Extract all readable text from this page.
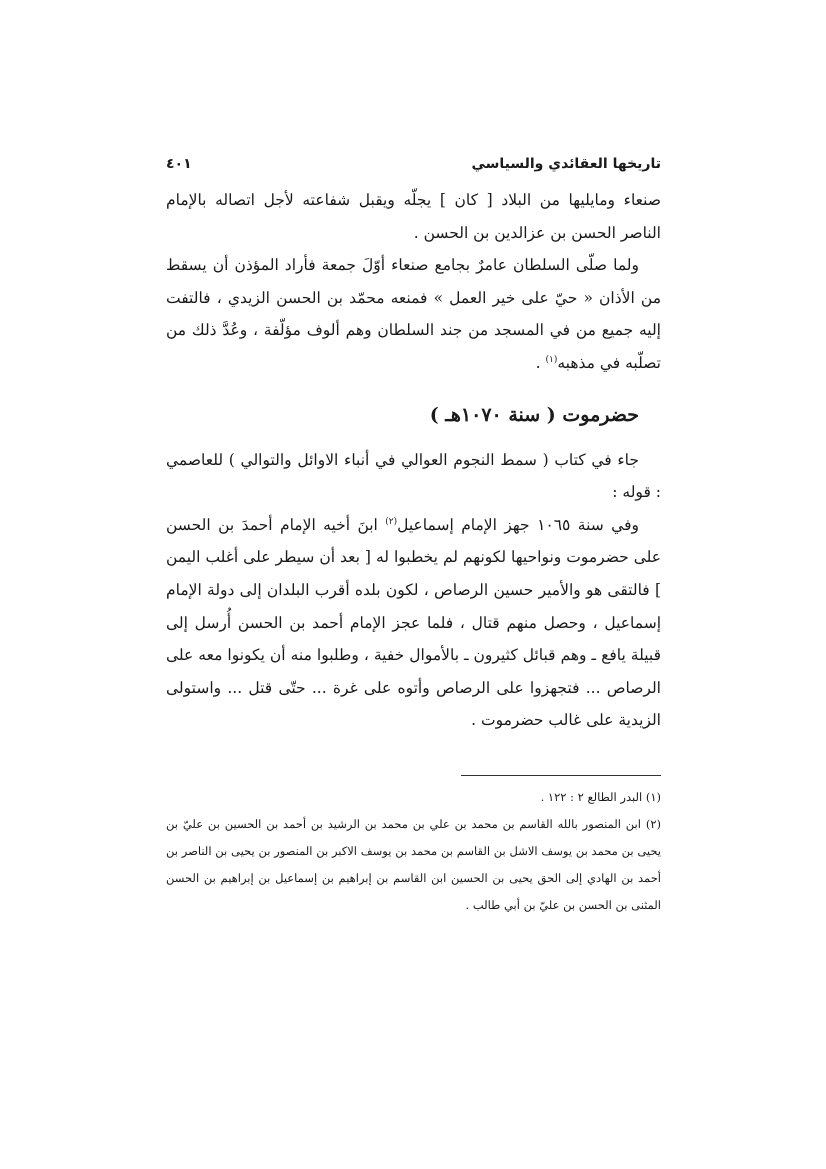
تاريخها العقائدي والسياسي
٤٠١

صنعاء ومايليها من البلاد [ كان ] يجلّه ويقبل شفاعته لأجل اتصاله بالإمام الناصر الحسن بن عزالدين بن الحسن .

ولما صلّى السلطان عامرٌ بجامع صنعاء أوّلَ جمعة فأراد المؤذن أن يسقط من الأذان « حيّ على خير العمل » فمنعه محمّد بن الحسن الزيدي ، فالتفت إليه جميع من في المسجد من جند السلطان وهم ألوف مؤلّفة ، وعُدَّ ذلك من تصلّبه في مذهبه$^{(١)}$ .

حضرموت ( سنة ١٠٧٠هـ )

جاء في كتاب ( سمط النجوم العوالي في أنباء الاوائل والتوالي ) للعاصمي : قوله :

وفي سنة ١٠٦٥ جهز الإمام إسماعيل$^{(٢)}$ ابنَ أخيه الإمام أحمدَ بن الحسن على حضرموت ونواحيها لكونهم لم يخطبوا له [ بعد أن سيطر على أغلب اليمن ] فالتقى هو والأمير حسين الرصاص ، لكون بلده أقرب البلدان إلى دولة الإمام إسماعيل ، وحصل منهم قتال ، فلما عجز الإمام أحمد بن الحسن أُرسل إلى قبيلة يافع ـ وهم قبائل كثيرون ـ بالأموال خفية ، وطلبوا منه أن يكونوا معه على الرصاص ... فتجهزوا على الرصاص وأتوه على غرة ... حتّى قتل ... واستولى الزيدية على غالب حضرموت .

(١) البدر الطالع ٢ : ١٢٢ .

(٢) ابن المنصور بالله القاسم بن محمد بن علي بن محمد بن الرشيد بن أحمد بن الحسين بن عليّ بن يحيى بن محمد بن يوسف الاشل بن القاسم بن محمد بن يوسف الاكبر بن المنصور بن يحيى بن الناصر بن أحمد بن الهادي إلى الحق يحيى بن الحسين ابن القاسم بن إبراهيم بن إسماعيل بن إبراهيم بن الحسن المثنى بن الحسن بن عليّ بن أبي طالب .
